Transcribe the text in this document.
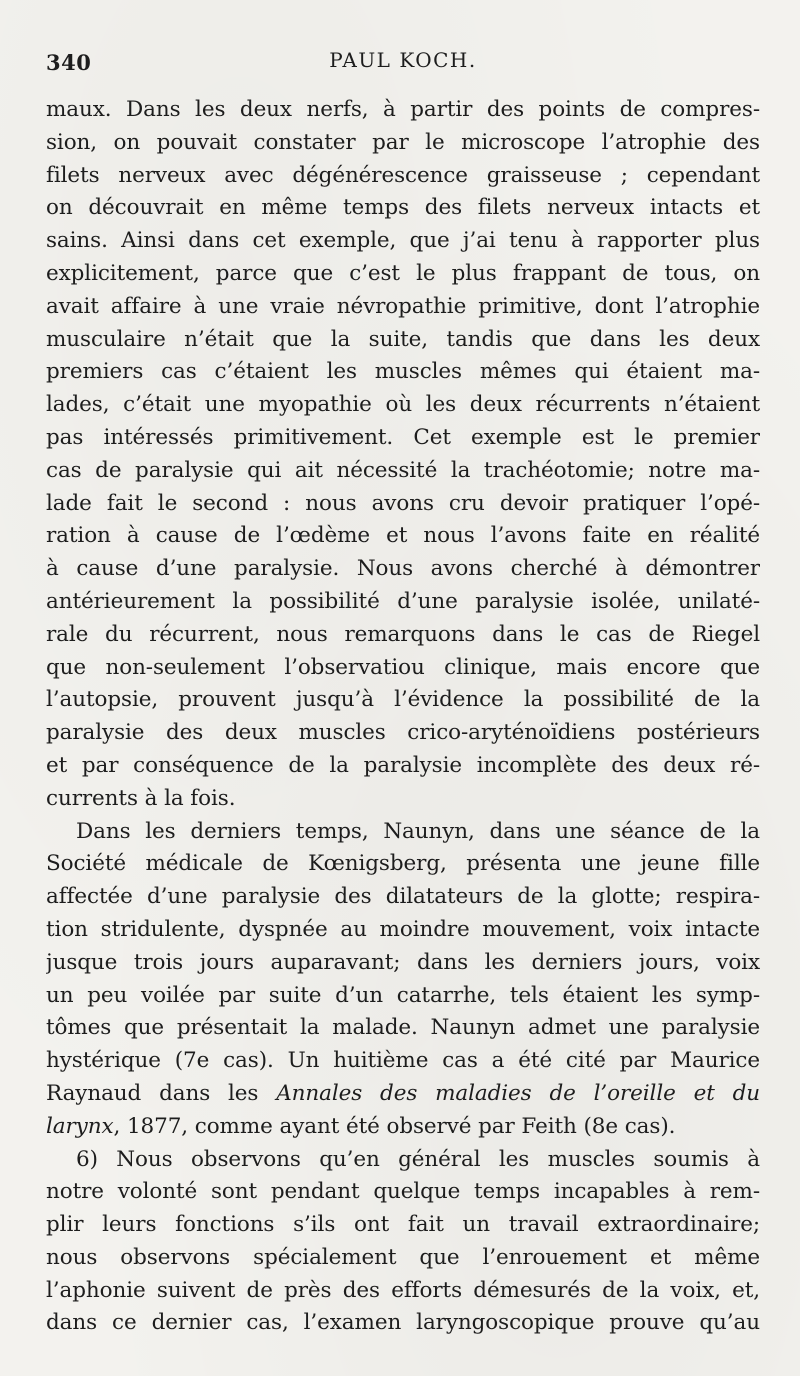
340	PAUL KOCH.

maux. Dans les deux nerfs, à partir des points de compres-
sion, on pouvait constater par le microscope l’atrophie des
filets nerveux avec dégénérescence graisseuse ; cependant
on découvrait en même temps des filets nerveux intacts et
sains. Ainsi dans cet exemple, que j’ai tenu à rapporter plus
explicitement, parce que c’est le plus frappant de tous, on
avait affaire à une vraie névropathie primitive, dont l’atrophie
musculaire n’était que la suite, tandis que dans les deux
premiers cas c’étaient les muscles mêmes qui étaient ma-
lades, c’était une myopathie où les deux récurrents n’étaient
pas intéressés primitivement. Cet exemple est le premier
cas de paralysie qui ait nécessité la trachéotomie; notre ma-
lade fait le second : nous avons cru devoir pratiquer l’opé-
ration à cause de l’œdème et nous l’avons faite en réalité
à cause d’une paralysie. Nous avons cherché à démontrer
antérieurement la possibilité d’une paralysie isolée, unilaté-
rale du récurrent, nous remarquons dans le cas de Riegel
que non-seulement l’observatiou clinique, mais encore que
l’autopsie, prouvent jusqu’à l’évidence la possibilité de la
paralysie des deux muscles crico-aryténoïdiens postérieurs
et par conséquence de la paralysie incomplète des deux ré-
currents à la fois.

Dans les derniers temps, Naunyn, dans une séance de la
Société médicale de Kœnigsberg, présenta une jeune fille
affectée d’une paralysie des dilatateurs de la glotte; respira-
tion stridulente, dyspnée au moindre mouvement, voix intacte
jusque trois jours auparavant; dans les derniers jours, voix
un peu voilée par suite d’un catarrhe, tels étaient les symp-
tômes que présentait la malade. Naunyn admet une paralysie
hystérique (7e cas). Un huitième cas a été cité par Maurice
Raynaud dans les Annales des maladies de l’oreille et du
larynx, 1877, comme ayant été observé par Feith (8e cas).

6) Nous observons qu’en général les muscles soumis à
notre volonté sont pendant quelque temps incapables à rem-
plir leurs fonctions s’ils ont fait un travail extraordinaire;
nous observons spécialement que l’enrouement et même
l’aphonie suivent de près des efforts démesurés de la voix, et,
dans ce dernier cas, l’examen laryngoscopique prouve qu’au
